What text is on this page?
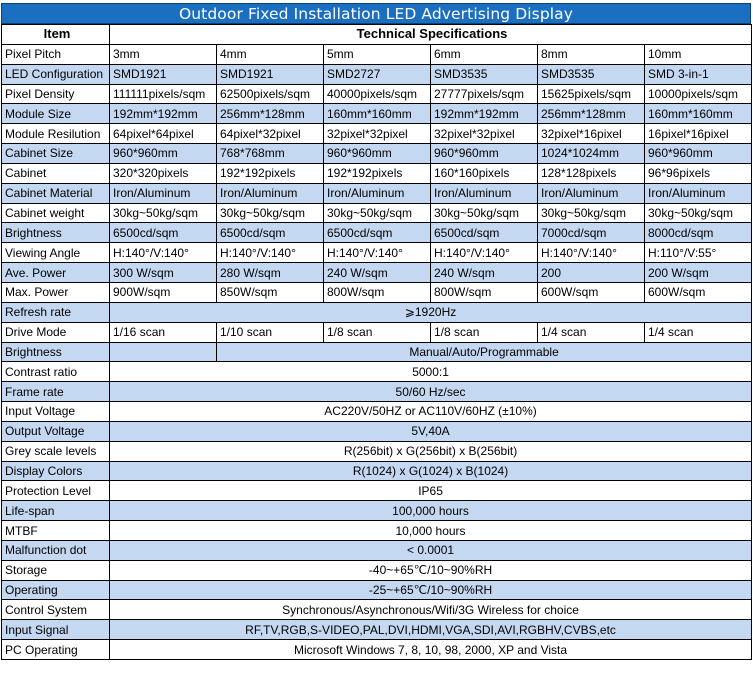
Outdoor Fixed Installation LED Advertising Display
Item	Technical Specifications					
Pixel Pitch	3mm	4mm	5mm	6mm	8mm	10mm
LED Configuration	SMD1921	SMD1921	SMD2727	SMD3535	SMD3535	SMD 3-in-1
Pixel Density	111111pixels/sqm	62500pixels/sqm	40000pixels/sqm	27777pixels/sqm	15625pixels/sqm	10000pixels/sqm
Module Size	192mm*192mm	256mm*128mm	160mm*160mm	192mm*192mm	256mm*128mm	160mm*160mm
Module Resilution	64pixel*64pixel	64pixel*32pixel	32pixel*32pixel	32pixel*32pixel	32pixel*16pixel	16pixel*16pixel
Cabinet Size	960*960mm	768*768mm	960*960mm	960*960mm	1024*1024mm	960*960mm
Cabinet	320*320pixels	192*192pixels	192*192pixels	160*160pixels	128*128pixels	96*96pixels
Cabinet Material	Iron/Aluminum	Iron/Aluminum	Iron/Aluminum	Iron/Aluminum	Iron/Aluminum	Iron/Aluminum
Cabinet weight	30kg~50kg/sqm	30kg~50kg/sqm	30kg~50kg/sqm	30kg~50kg/sqm	30kg~50kg/sqm	30kg~50kg/sqm
Brightness	6500cd/sqm	6500cd/sqm	6500cd/sqm	6500cd/sqm	7000cd/sqm	8000cd/sqm
Viewing Angle	H:140°/V:140°	H:140°/V:140°	H:140°/V:140°	H:140°/V:140°	H:140°/V:140°	H:110°/V:55°
Ave. Power	300 W/sqm	280 W/sqm	240 W/sqm	240 W/sqm	200	200 W/sqm
Max. Power	900W/sqm	850W/sqm	800W/sqm	800W/sqm	600W/sqm	600W/sqm
Refresh rate	⩾1920Hz					
Drive Mode	1/16 scan	1/10 scan	1/8 scan	1/8 scan	1/4 scan	1/4 scan
Brightness		Manual/Auto/Programmable				
Contrast ratio	5000:1					
Frame rate	50/60 Hz/sec					
Input Voltage	AC220V/50HZ or AC110V/60HZ (±10%)					
Output Voltage	5V,40A					
Grey scale levels	R(256bit) x G(256bit) x B(256bit)					
Display Colors	R(1024) x G(1024) x B(1024)					
Protection Level	IP65					
Life-span	100,000 hours					
MTBF	10,000 hours					
Malfunction dot	< 0.0001					
Storage	-40~+65℃/10~90%RH					
Operating	-25~+65℃/10~90%RH					
Control System	Synchronous/Asynchronous/Wifi/3G Wireless for choice					
Input Signal	RF,TV,RGB,S-VIDEO,PAL,DVI,HDMI,VGA,SDI,AVI,RGBHV,CVBS,etc					
PC Operating	Microsoft Windows 7, 8, 10, 98, 2000, XP and Vista					
